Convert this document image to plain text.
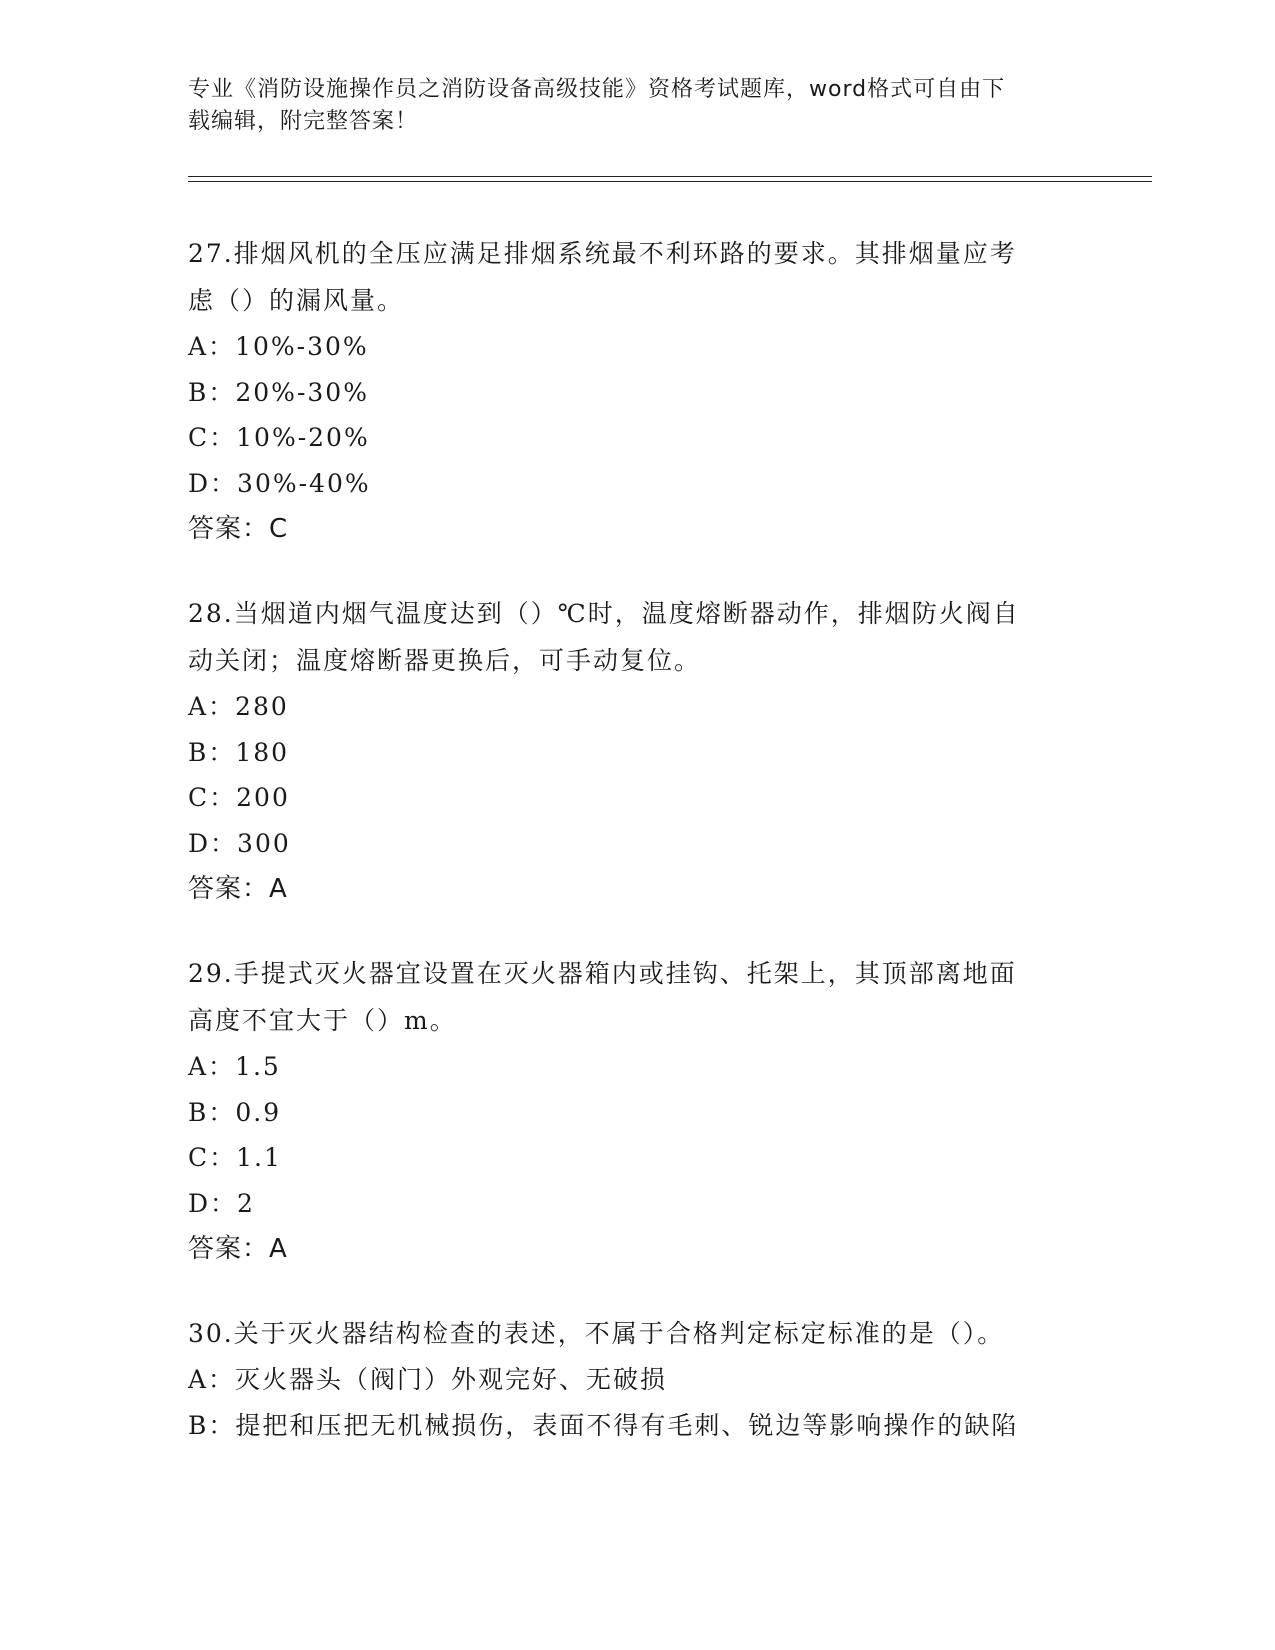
专业《消防设施操作员之消防设备高级技能》资格考试题库，word格式可自由下
载编辑，附完整答案！
27.排烟风机的全压应满足排烟系统最不利环路的要求。其排烟量应考
虑（）的漏风量。
A：10%-30%
B：20%-30%
C：10%-20%
D：30%-40%
答案：C
28.当烟道内烟气温度达到（）℃时，温度熔断器动作，排烟防火阀自
动关闭；温度熔断器更换后，可手动复位。
A：280
B：180
C：200
D：300
答案：A
29.手提式灭火器宜设置在灭火器箱内或挂钩、托架上，其顶部离地面
高度不宜大于（）m。
A：1.5
B：0.9
C：1.1
D：2
答案：A
30.关于灭火器结构检查的表述，不属于合格判定标定标准的是（）。
A：灭火器头（阀门）外观完好、无破损
B：提把和压把无机械损伤，表面不得有毛刺、锐边等影响操作的缺陷
